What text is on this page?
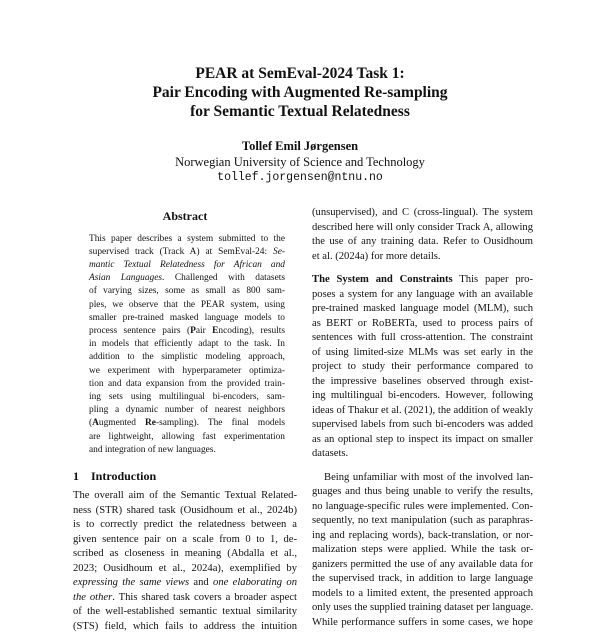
PEAR at SemEval-2024 Task 1:
Pair Encoding with Augmented Re-sampling
for Semantic Textual Relatedness
Tollef Emil Jørgensen
Norwegian University of Science and Technology
tollef.jorgensen@ntnu.no
Abstract
This paper describes a system submitted to the
supervised track (Track A) at SemEval-24: Se-
mantic Textual Relatedness for African and
Asian Languages. Challenged with datasets
of varying sizes, some as small as 800 sam-
ples, we observe that the PEAR system, using
smaller pre-trained masked language models to
process sentence pairs (Pair Encoding), results
in models that efficiently adapt to the task. In
addition to the simplistic modeling approach,
we experiment with hyperparameter optimiza-
tion and data expansion from the provided train-
ing sets using multilingual bi-encoders, sam-
pling a dynamic number of nearest neighbors
(Augmented Re-sampling). The final models
are lightweight, allowing fast experimentation
and integration of new languages.
1 Introduction
The overall aim of the Semantic Textual Related-
ness (STR) shared task (Ousidhoum et al., 2024b)
is to correctly predict the relatedness between a
given sentence pair on a scale from 0 to 1, de-
scribed as closeness in meaning (Abdalla et al.,
2023; Ousidhoum et al., 2024a), exemplified by
expressing the same views and one elaborating on
the other. This shared task covers a broader aspect
of the well-established semantic textual similarity
(STS) field, which fails to address the intuition
(unsupervised), and C (cross-lingual). The system
described here will only consider Track A, allowing
the use of any training data. Refer to Ousidhoum
et al. (2024a) for more details.
The System and Constraints This paper pro-
poses a system for any language with an available
pre-trained masked language model (MLM), such
as BERT or RoBERTa, used to process pairs of
sentences with full cross-attention. The constraint
of using limited-size MLMs was set early in the
project to study their performance compared to
the impressive baselines observed through exist-
ing multilingual bi-encoders. However, following
ideas of Thakur et al. (2021), the addition of weakly
supervised labels from such bi-encoders was added
as an optional step to inspect its impact on smaller
datasets.
Being unfamiliar with most of the involved lan-
guages and thus being unable to verify the results,
no language-specific rules were implemented. Con-
sequently, no text manipulation (such as paraphras-
ing and replacing words), back-translation, or nor-
malization steps were applied. While the task or-
ganizers permitted the use of any available data for
the supervised track, in addition to large language
models to a limited extent, the presented approach
only uses the supplied training dataset per language.
While performance suffers in some cases, we hope
